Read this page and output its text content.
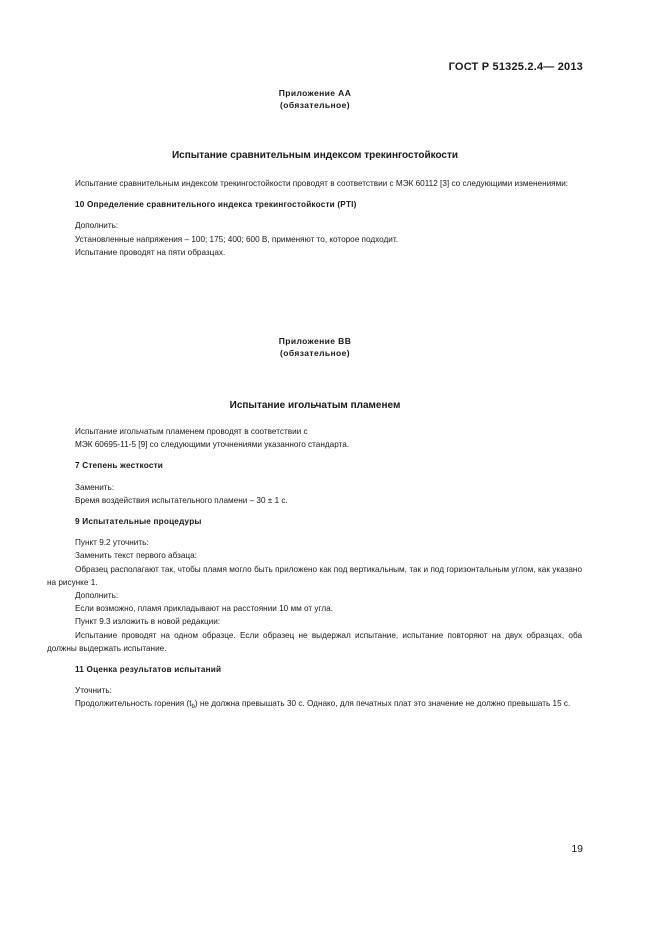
ГОСТ Р 51325.2.4— 2013
Приложение АА
(обязательное)
Испытание сравнительным индексом трекингостойкости

Испытание сравнительным индексом трекингостойкости проводят в соответствии с МЭК 60112 [3] со следующими изменениями:

10 Определение сравнительного индекса трекингостойкости (PTI)

Дополнить:

Установленные напряжения – 100; 175; 400; 600 В, применяют то, которое подходит.

Испытание проводят на пяти образцах.

Приложение ВВ
(обязательное)
Испытание игольчатым пламенем

Испытание игольчатым пламенем проводят в соответствии с

МЭК 60695-11-5 [9] со следующими уточнениями указанного стандарта.

7 Степень жесткости

Заменить:

Время воздействия испытательного пламени – 30 ± 1 с.

9 Испытательные процедуры

Пункт 9.2 уточнить:

Заменить текст первого абзаца:

Образец располагают так, чтобы пламя могло быть приложено как под вертикальным, так и под горизонтальным углом, как указано на рисунке 1.

Дополнить:

Если возможно, пламя прикладывают на расстоянии 10 мм от угла.

Пункт 9.3 изложить в новой редакции:

Испытание проводят на одном образце. Если образец не выдержал испытание, испытание повторяют на двух образцах, оба должны выдержать испытание.

11 Оценка результатов испытаний

Уточнить:

Продолжительность горения $(t_b)$ не должна превышать 30 с. Однако, для печатных плат это значение не должно превышать 15 с.

19
